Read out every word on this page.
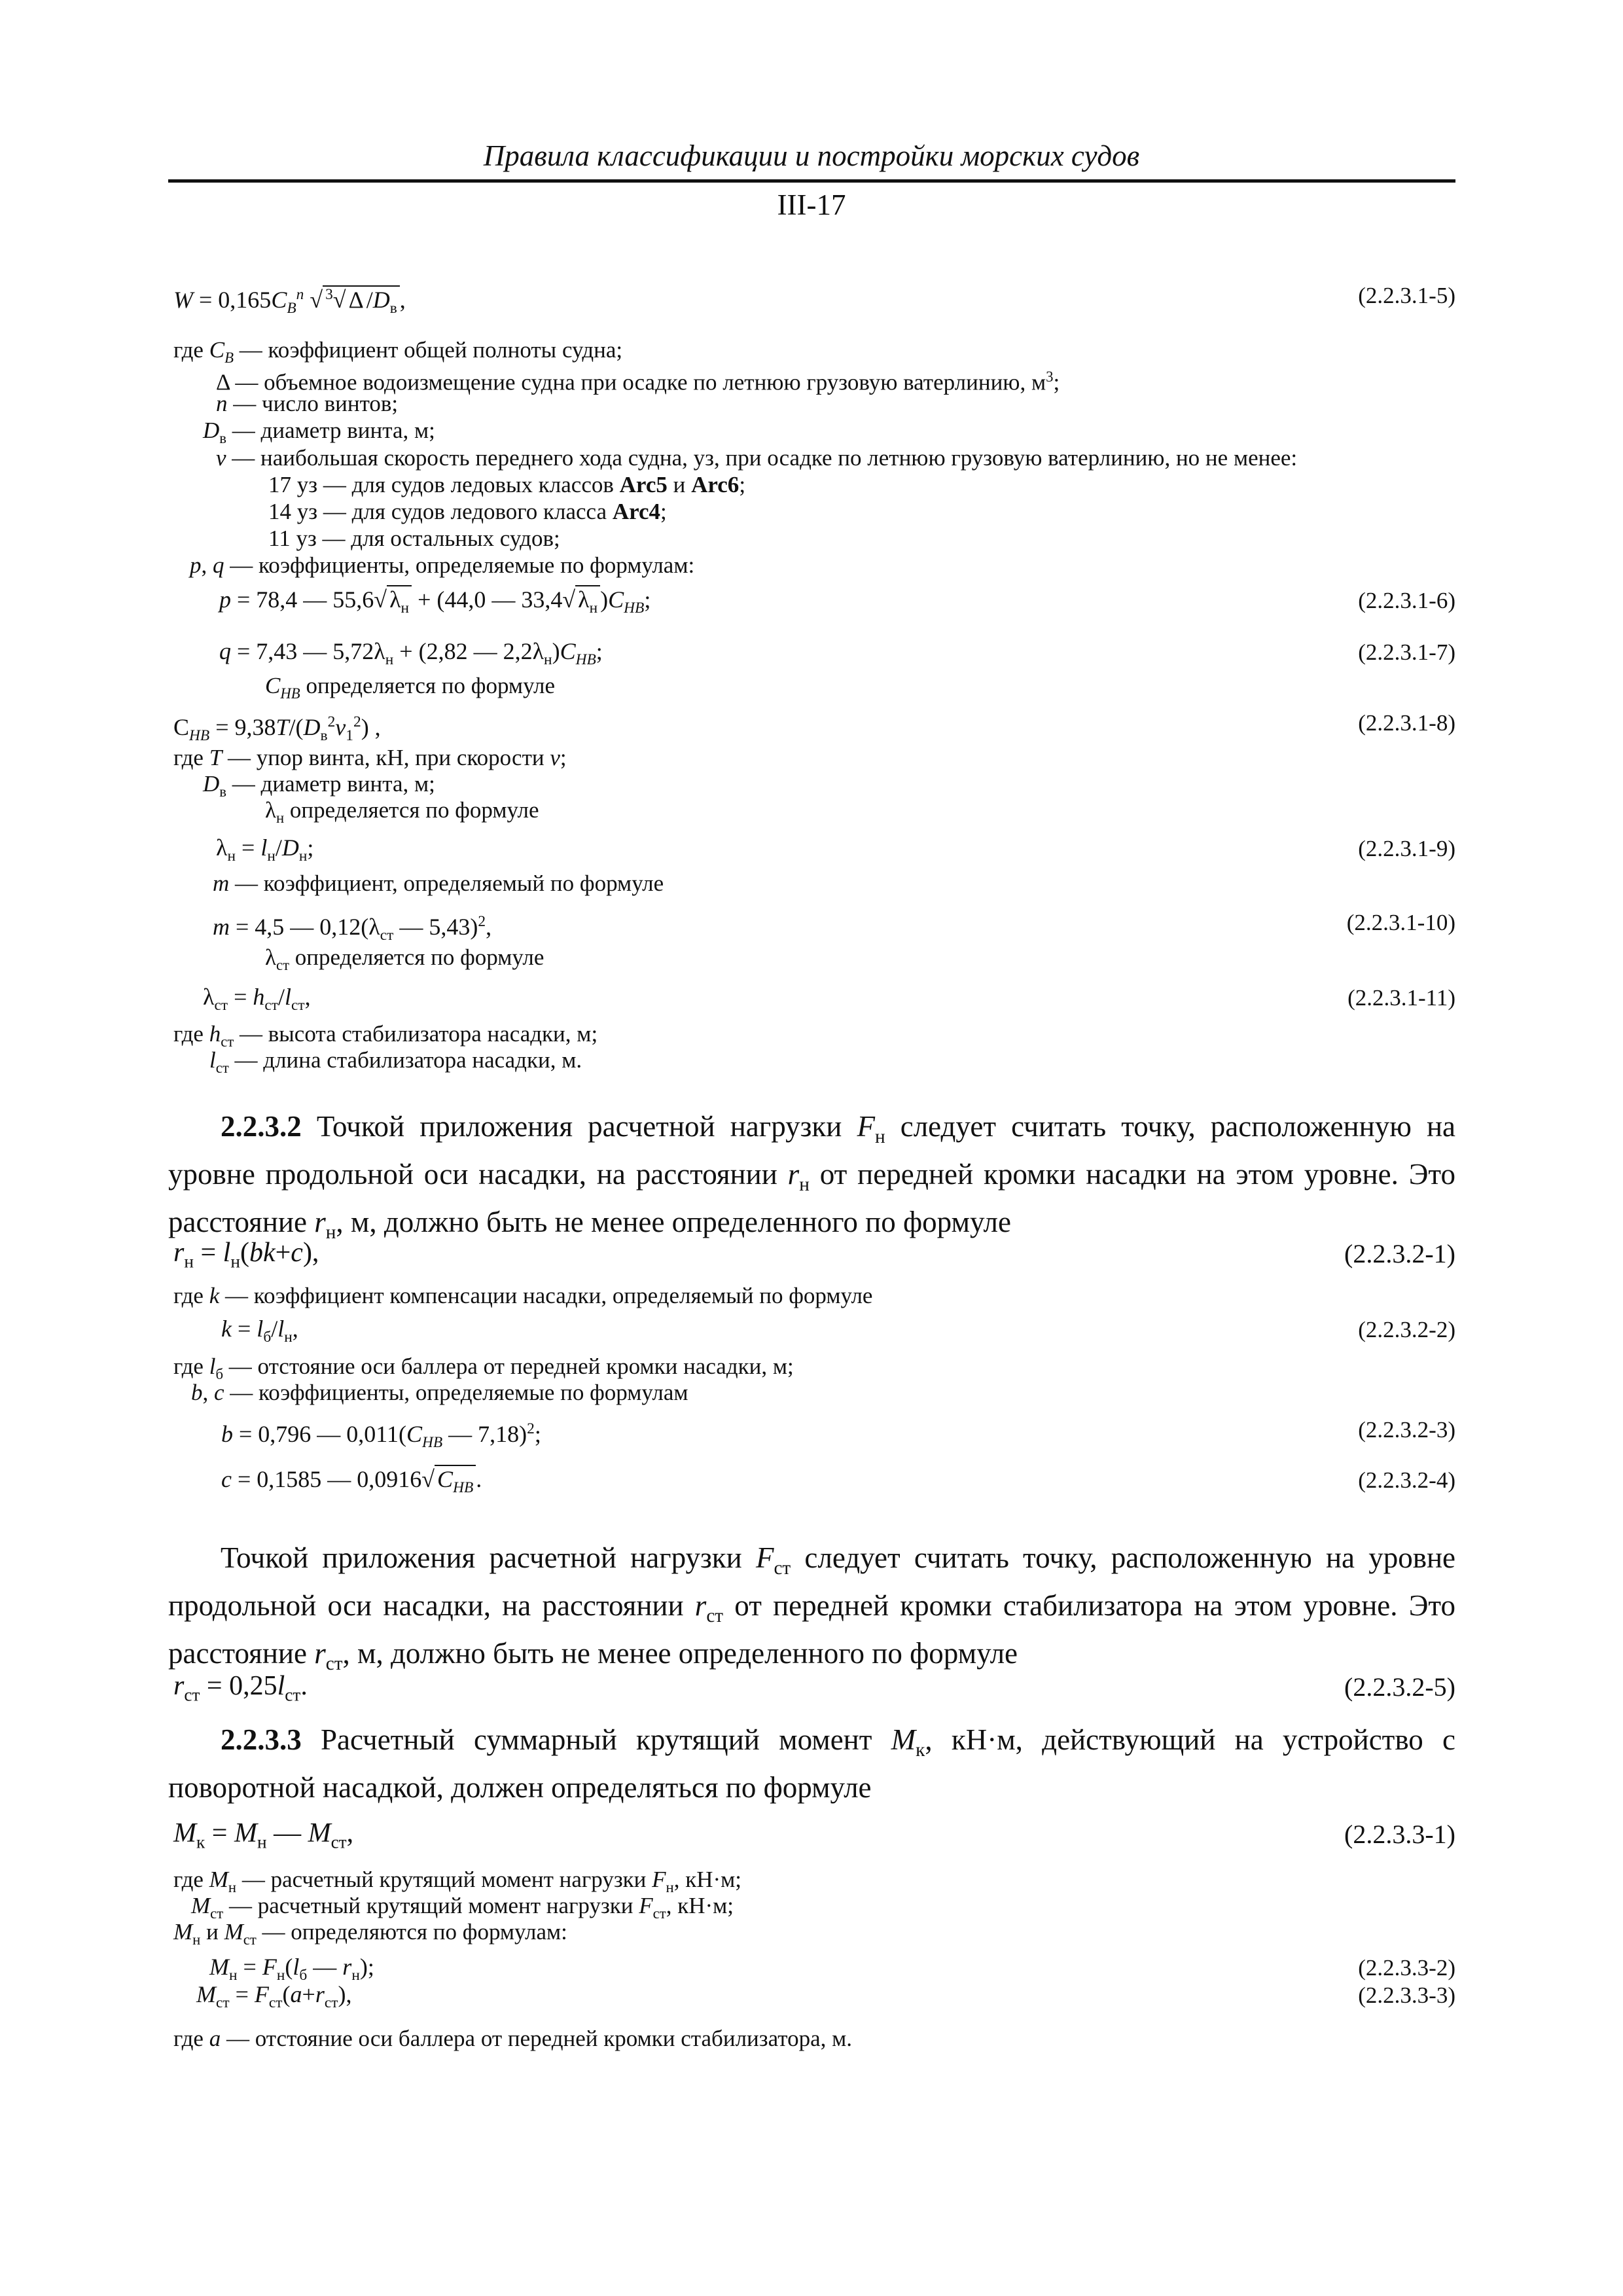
Правила классификации и постройки морских судов
III-17
$W = 0,165C_B^n$ √ $^3$√ Δ $/D_в$ ,	(2.2.3.1-5)
где $C_B$ — коэффициент общей полноты судна;
Δ — объемное водоизмещение судна при осадке по летнюю грузовую ватерлинию, $м^3$;
n — число винтов;
$D_в$ — диаметр винта, м;
v — наибольшая скорость переднего хода судна, уз, при осадке по летнюю грузовую ватерлинию, но не менее:
17 уз — для судов ледовых классов Arc5 и Arc6;
14 уз — для судов ледового класса Arc4;
11 уз — для остальных судов;
p, q — коэффициенты, определяемые по формулам:
p = 78,4 — 55,6√ $\lambda_н + (44,0$ — 33,4√ $\lambda_н$ )$C_{HB}$;	(2.2.3.1-6)
q = 7,43 — $5,72\lambda_н + (2,82$ — $2,2\lambda_н)C_{HB}$;	(2.2.3.1-7)
$C_{HB}$ определяется по формуле
$C_{HB} = 9,38T/(D_в^2v_1^2)$ ,	(2.2.3.1-8)
где T — упор винта, кН, при скорости v;
$D_в$ — диаметр винта, м;
$\lambda_н$ определяется по формуле
$\lambda_н = l_н/D_н$;	(2.2.3.1-9)
m — коэффициент, определяемый по формуле
m = 4,5 — $0,12(\lambda_{ст}$ — 5,43)$^2$,	(2.2.3.1-10)
$\lambda_{ст}$ определяется по формуле
$\lambda_{ст} = h_{ст}/l_{ст}$,	(2.2.3.1-11)
где $h_{ст}$ — высота стабилизатора насадки, м;
$l_{ст}$ — длина стабилизатора насадки, м.
2.2.3.2 Точкой приложения расчетной нагрузки $F_н$ следует считать точку, расположенную на уровне продольной оси насадки, на расстоянии $r_н$ от передней кромки насадки на этом уровне. Это расстояние $r_н$, м, должно быть не менее определенного по формуле
$r_н = l_н(bk+c)$,	(2.2.3.2-1)
где k — коэффициент компенсации насадки, определяемый по формуле
$k = l_б/l_н$,	(2.2.3.2-2)
где $l_б$ — отстояние оси баллера от передней кромки насадки, м;
b, c — коэффициенты, определяемые по формулам
b = 0,796 — $0,011(C_{HB}$ — 7,18)$^2$;	(2.2.3.2-3)
c = 0,1585 — 0,0916√ $C_{HB}$ .	(2.2.3.2-4)
Точкой приложения расчетной нагрузки $F_{ст}$ следует считать точку, расположенную на уровне продольной оси насадки, на расстоянии $r_{ст}$ от передней кромки стабилизатора на этом уровне. Это расстояние $r_{ст}$, м, должно быть не менее определенного по формуле
$r_{ст} = 0,25l_{ст}$.	(2.2.3.2-5)
2.2.3.3 Расчетный суммарный крутящий момент $M_к$, кН·м, действующий на устройство с поворотной насадкой, должен определяться по формуле
$M_к = M_н$ — $M_{ст}$,	(2.2.3.3-1)
где $M_н$ — расчетный крутящий момент нагрузки $F_н$, кН·м;
$M_{ст}$ — расчетный крутящий момент нагрузки $F_{ст}$, кН·м;
$M_н$ и $M_{ст}$ — определяются по формулам:
$M_н = F_н(l_б$ — $r_н$);	(2.2.3.3-2)
$M_{ст} = F_{ст}(a+r_{ст})$,	(2.2.3.3-3)
где a — отстояние оси баллера от передней кромки стабилизатора, м.
